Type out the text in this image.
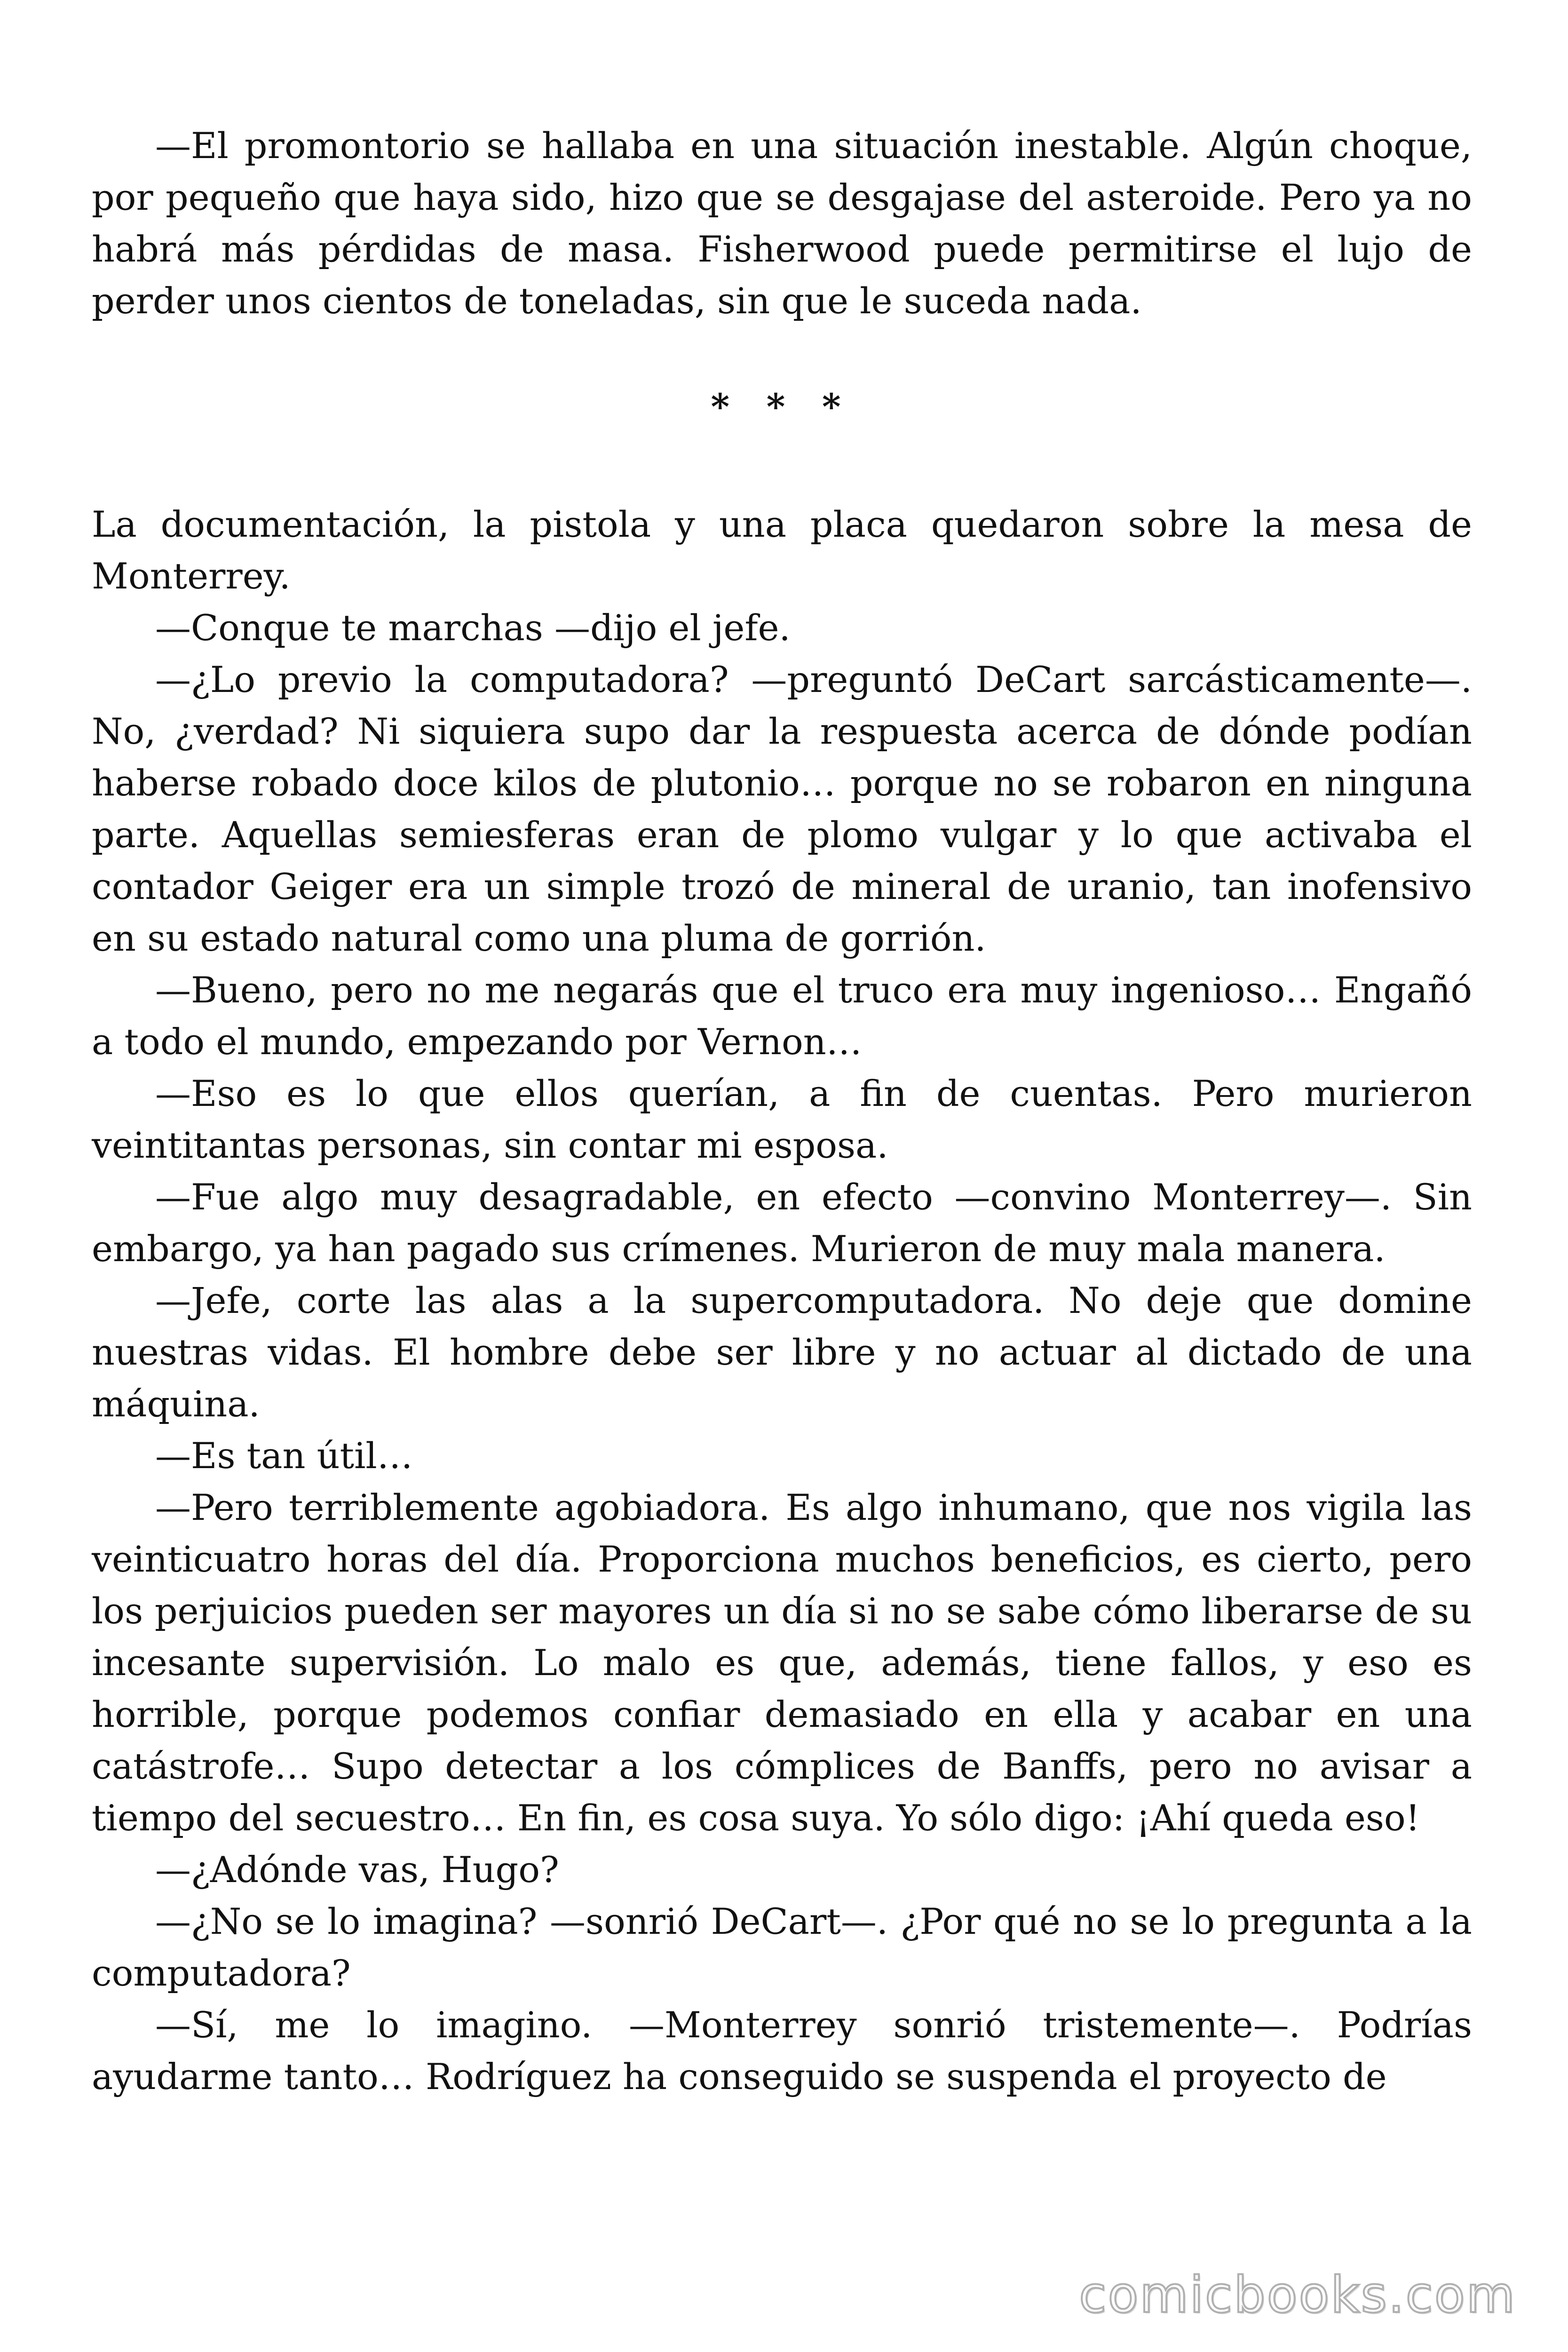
—El promontorio se hallaba en una situación inestable. Algún choque, por pequeño que haya sido, hizo que se desgajase del asteroide. Pero ya no habrá más pérdidas de masa. Fisherwood puede permitirse el lujo de perder unos cientos de toneladas, sin que le suceda nada.

* * *

La documentación, la pistola y una placa quedaron sobre la mesa de Monterrey.

—Conque te marchas —dijo el jefe.

—¿Lo previo la computadora? —preguntó DeCart sarcásticamente—. No, ¿verdad? Ni siquiera supo dar la respuesta acerca de dónde podían haberse robado doce kilos de plutonio… porque no se robaron en ninguna parte. Aquellas semiesferas eran de plomo vulgar y lo que activaba el contador Geiger era un simple trozó de mineral de uranio, tan inofensivo en su estado natural como una pluma de gorrión.

—Bueno, pero no me negarás que el truco era muy ingenioso… Engañó a todo el mundo, empezando por Vernon…

—Eso es lo que ellos querían, a fin de cuentas. Pero murieron veintitantas personas, sin contar mi esposa.

—Fue algo muy desagradable, en efecto —convino Monterrey—. Sin embargo, ya han pagado sus crímenes. Murieron de muy mala manera.

—Jefe, corte las alas a la supercomputadora. No deje que domine nuestras vidas. El hombre debe ser libre y no actuar al dictado de una máquina.

—Es tan útil…

—Pero terriblemente agobiadora. Es algo inhumano, que nos vigila las veinticuatro horas del día. Proporciona muchos beneficios, es cierto, pero los perjuicios pueden ser mayores un día si no se sabe cómo liberarse de su incesante supervisión. Lo malo es que, además, tiene fallos, y eso es horrible, porque podemos confiar demasiado en ella y acabar en una catástrofe… Supo detectar a los cómplices de Banffs, pero no avisar a tiempo del secuestro… En fin, es cosa suya. Yo sólo digo: ¡Ahí queda eso!

—¿Adónde vas, Hugo?

—¿No se lo imagina? —sonrió DeCart—. ¿Por qué no se lo pregunta a la computadora?

—Sí, me lo imagino. —Monterrey sonrió tristemente—. Podrías ayudarme tanto… Rodríguez ha conseguido se suspenda el proyecto de

comicbooks.com
